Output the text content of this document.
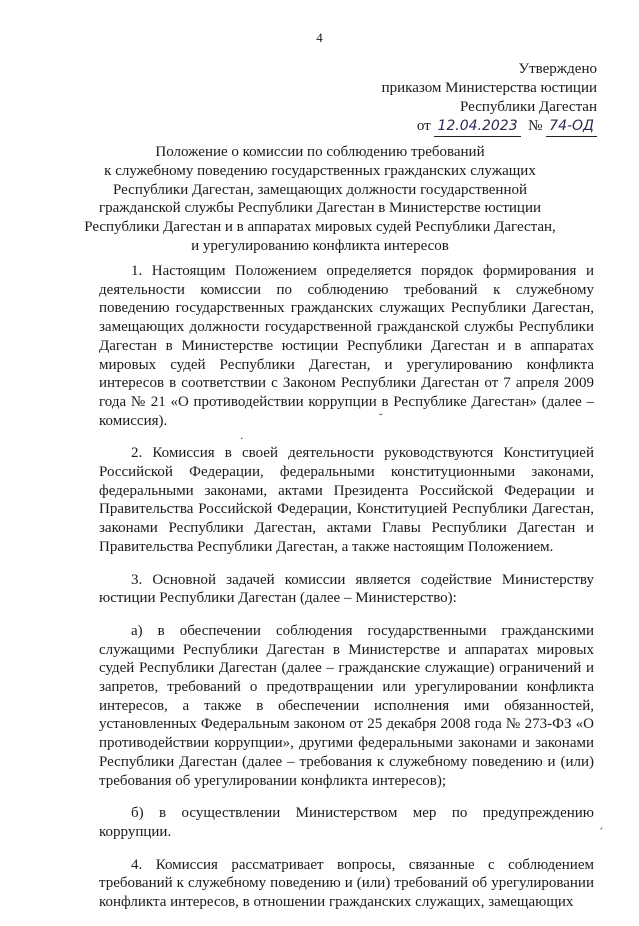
4
Утверждено
приказом Министерства юстиции
Республики Дагестан
от 12.04.2023 № 74-ОД
Положение о комиссии по соблюдению требований
к служебному поведению государственных гражданских служащих
Республики Дагестан, замещающих должности государственной
гражданской службы Республики Дагестан в Министерстве юстиции
Республики Дагестан и в аппаратах мировых судей Республики Дагестан,
и урегулированию конфликта интересов

1. Настоящим Положением определяется порядок формирования и деятельности комиссии по соблюдению требований к служебному поведению государственных гражданских служащих Республики Дагестан, замещающих должности государственной гражданской службы Республики Дагестан в Министерстве юстиции Республики Дагестан и в аппаратах мировых судей Республики Дагестан, и урегулированию конфликта интересов в соответствии с Законом Республики Дагестан от 7 апреля 2009 года № 21 «О противодействии коррупции в Республике Дагестан» (далее – комиссия).

2. Комиссия в своей деятельности руководствуются Конституцией Российской Федерации, федеральными конституционными законами, федеральными законами, актами Президента Российской Федерации и Правительства Российской Федерации, Конституцией Республики Дагестан, законами Республики Дагестан, актами Главы Республики Дагестан и Правительства Республики Дагестан, а также настоящим Положением.

3. Основной задачей комиссии является содействие Министерству юстиции Республики Дагестан (далее – Министерство):

а) в обеспечении соблюдения государственными гражданскими служащими Республики Дагестан в Министерстве и аппаратах мировых судей Республики Дагестан (далее – гражданские служащие) ограничений и запретов, требований о предотвращении или урегулировании конфликта интересов, а также в обеспечении исполнения ими обязанностей, установленных Федеральным законом от 25 декабря 2008 года № 273-ФЗ «О противодействии коррупции», другими федеральными законами и законами Республики Дагестан (далее – требования к служебному поведению и (или) требования об урегулировании конфликта интересов);

б) в осуществлении Министерством мер по предупреждению коррупции.

4. Комиссия рассматривает вопросы, связанные с соблюдением требований к служебному поведению и (или) требований об урегулировании конфликта интересов, в отношении гражданских служащих, замещающих

˘
·
ˊ
